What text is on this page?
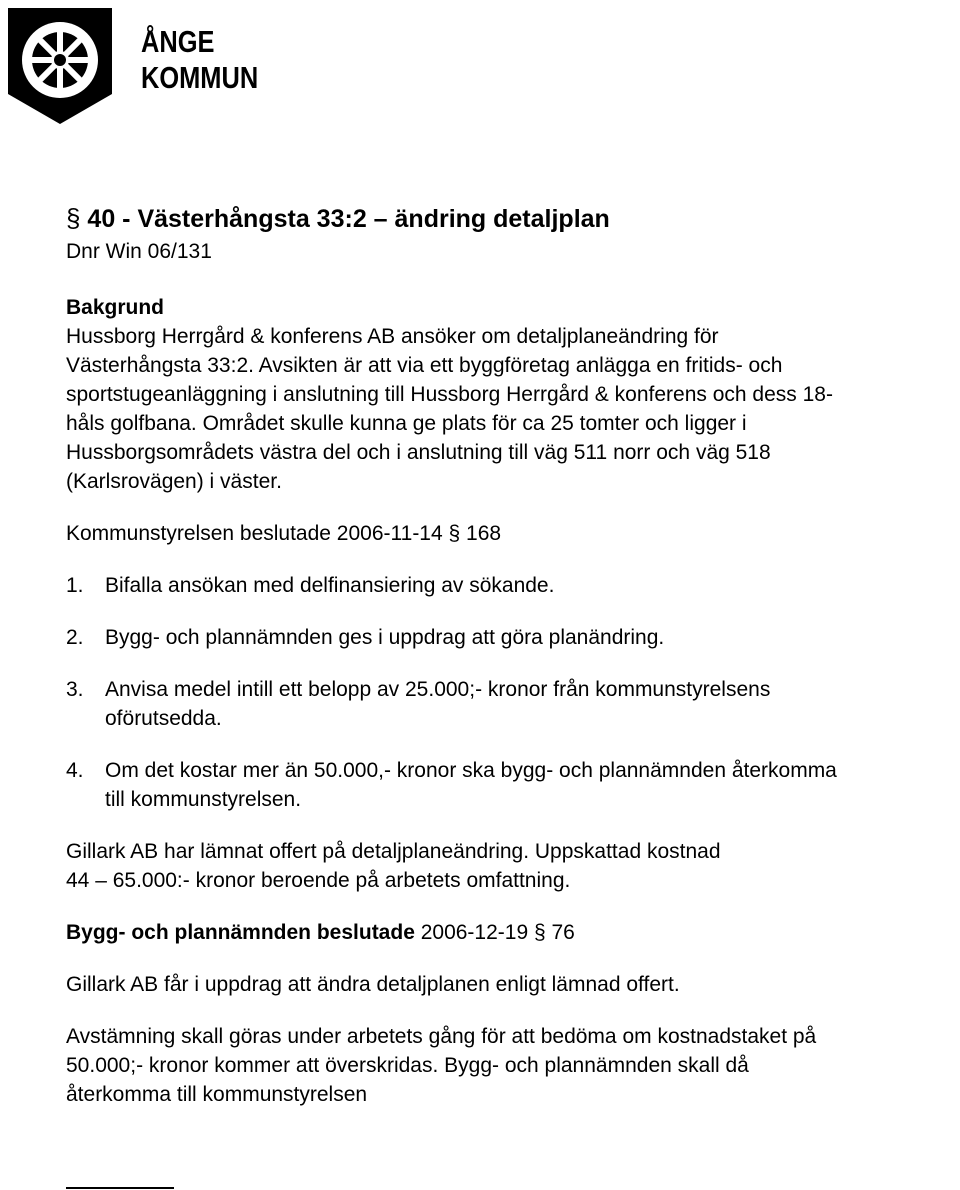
ÅNGE
KOMMUN
§ 40 - Västerhångsta 33:2 – ändring detaljplan

Dnr Win 06/131

Bakgrund

Hussborg Herrgård & konferens AB ansöker om detaljplaneändring för
Västerhångsta 33:2. Avsikten är att via ett byggföretag anlägga en fritids- och
sportstugeanläggning i anslutning till Hussborg Herrgård & konferens och dess 18-
håls golfbana. Området skulle kunna ge plats för ca 25 tomter och ligger i
Hussborgsområdets västra del och i anslutning till väg 511 norr och väg 518
(Karlsrovägen) i väster.

Kommunstyrelsen beslutade 2006-11-14 § 168

1.	Bifalla ansökan med delfinansiering av sökande.
2.	Bygg- och plannämnden ges i uppdrag att göra planändring.
3.	Anvisa medel intill ett belopp av 25.000;- kronor från kommunstyrelsens
oförutsedda.
4.	Om det kostar mer än 50.000,- kronor ska bygg- och plannämnden återkomma
till kommunstyrelsen.

Gillark AB har lämnat offert på detaljplaneändring. Uppskattad kostnad
44 – 65.000:- kronor beroende på arbetets omfattning.

Bygg- och plannämnden beslutade 2006-12-19 § 76

Gillark AB får i uppdrag att ändra detaljplanen enligt lämnad offert.

Avstämning skall göras under arbetets gång för att bedöma om kostnadstaket på
50.000;- kronor kommer att överskridas. Bygg- och plannämnden skall då
återkomma till kommunstyrelsen
